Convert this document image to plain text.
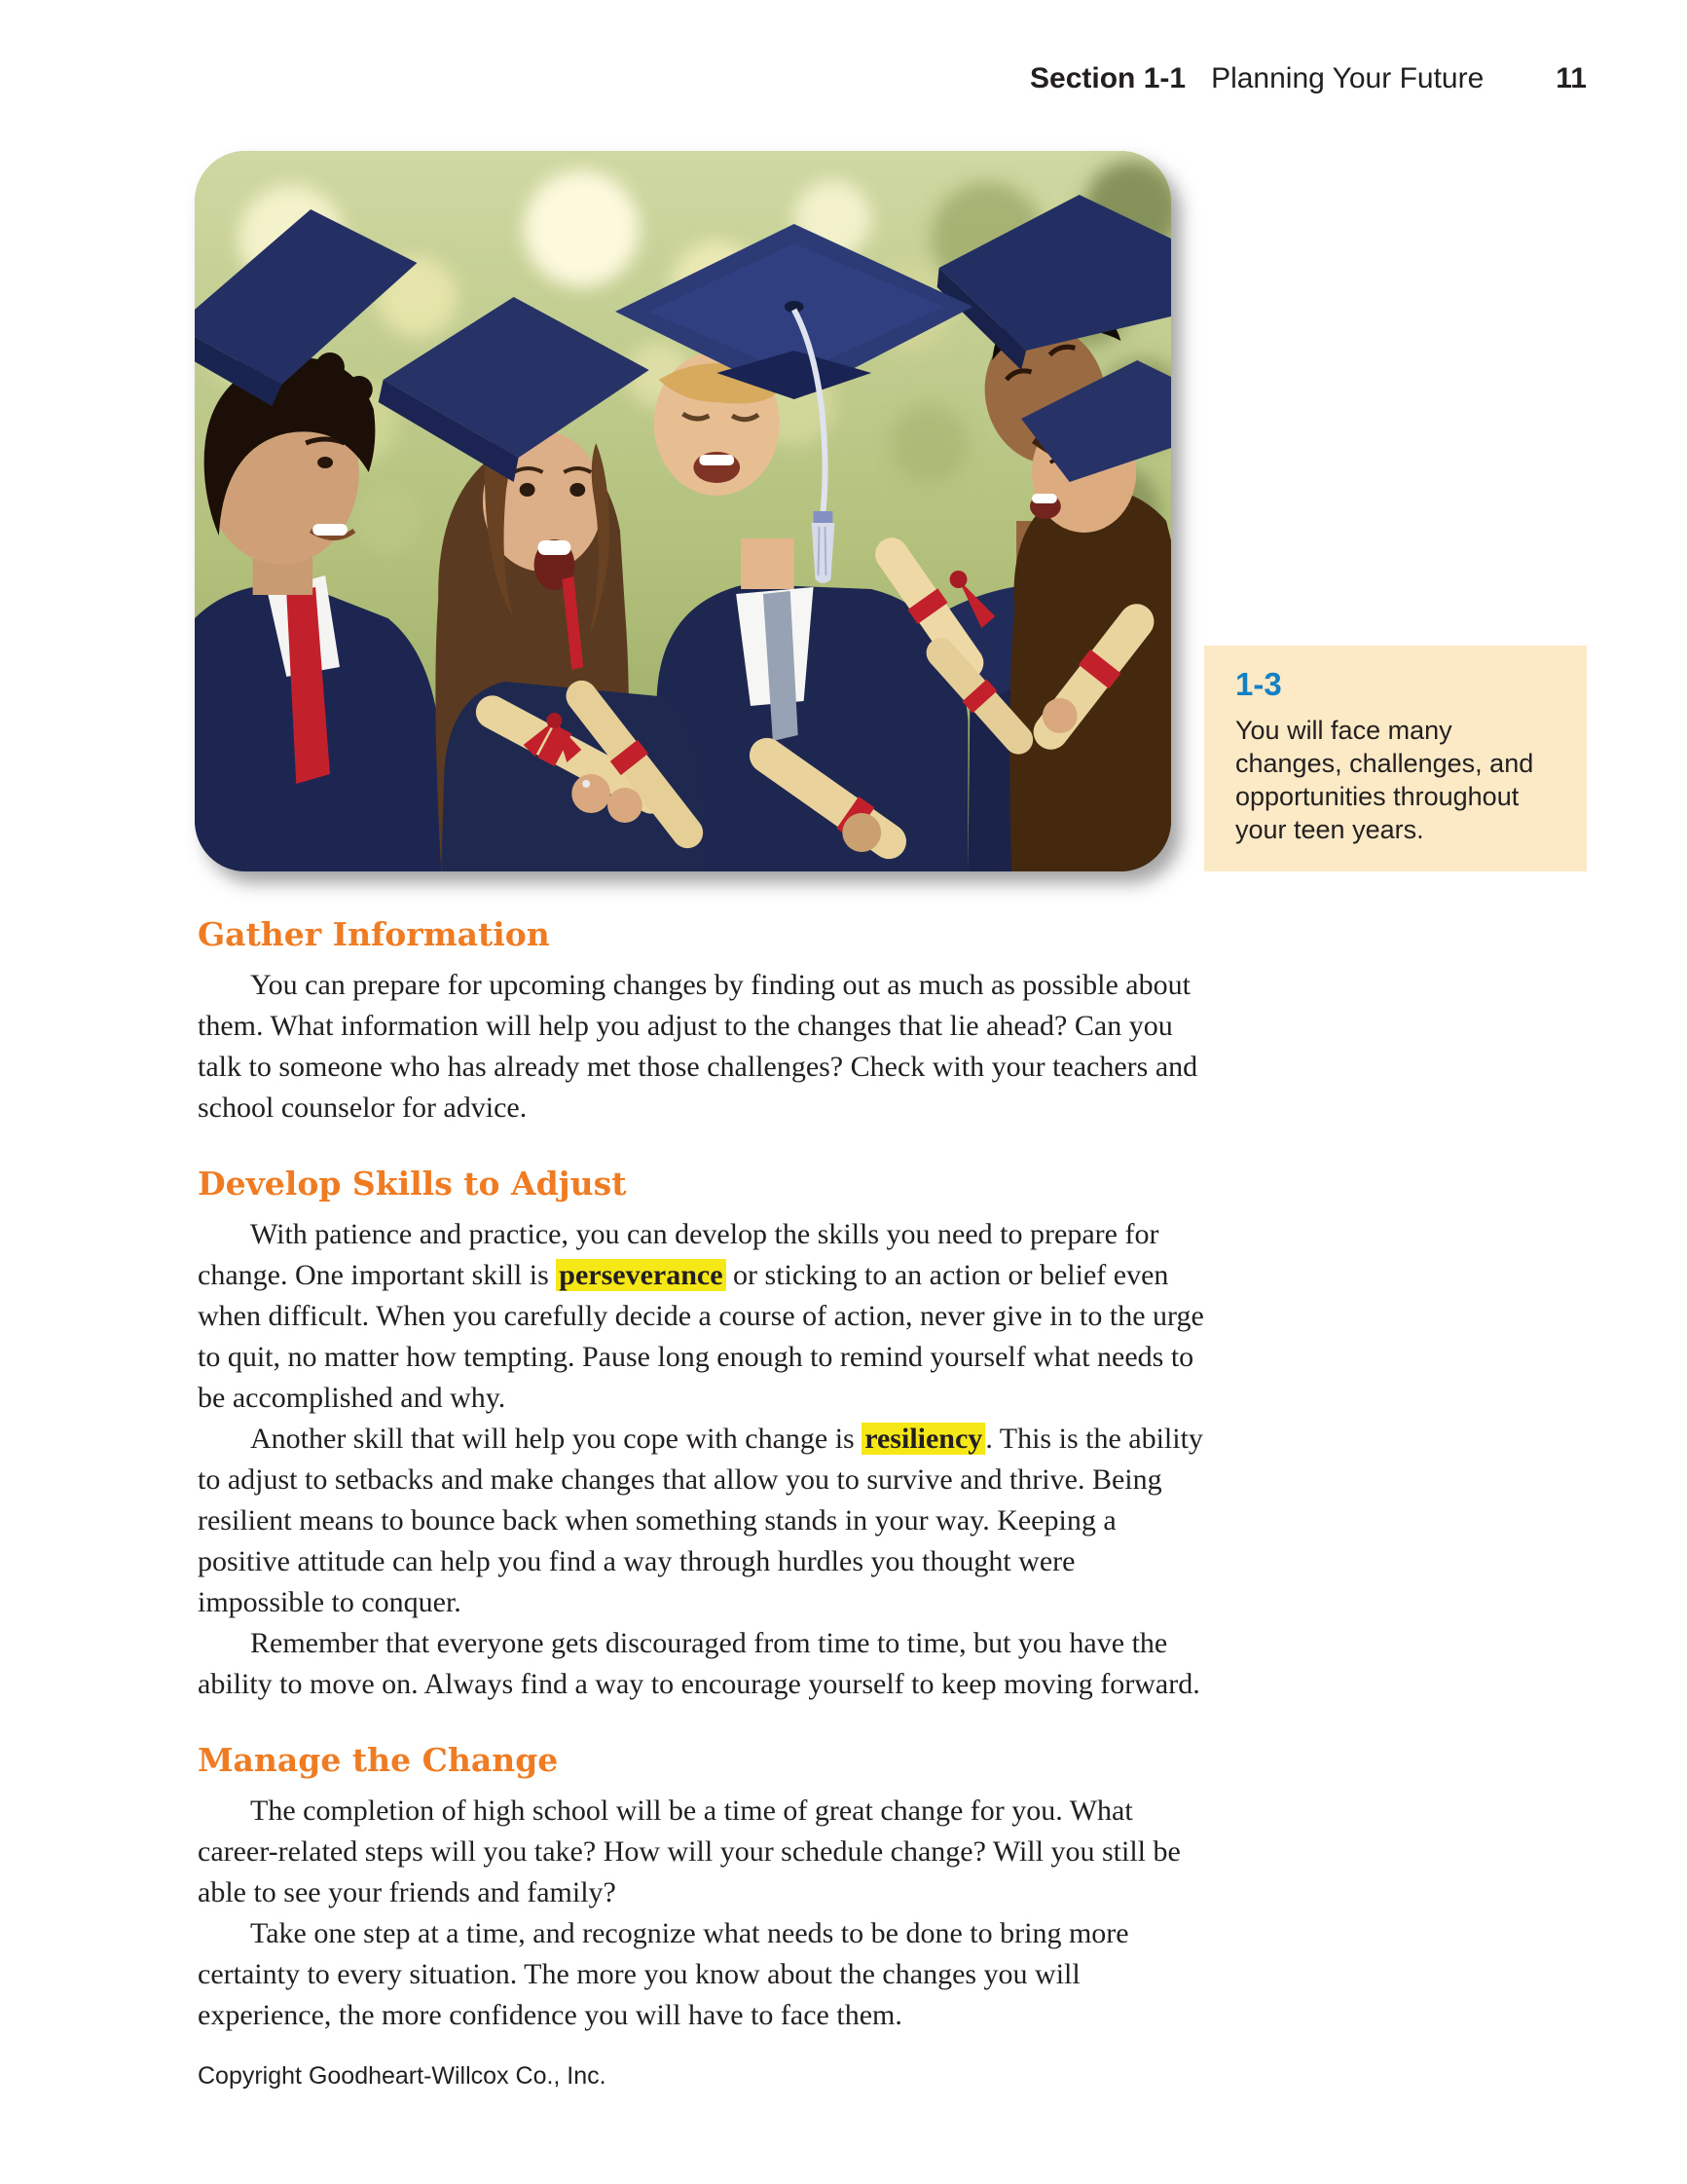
Section 1-1 Planning Your Future 11
1-3
You will face many changes, challenges, and opportunities throughout your teen years.
Gather Information

You can prepare for upcoming changes by finding out as much as possible about them. What information will help you adjust to the changes that lie ahead? Can you talk to someone who has already met those challenges? Check with your teachers and school counselor for advice.

Develop Skills to Adjust

With patience and practice, you can develop the skills you need to prepare for change. One important skill is perseverance or sticking to an action or belief even when difficult. When you carefully decide a course of action, never give in to the urge to quit, no matter how tempting. Pause long enough to remind yourself what needs to be accomplished and why.

Another skill that will help you cope with change is resiliency . This is the ability to adjust to setbacks and make changes that allow you to survive and thrive. Being resilient means to bounce back when something stands in your way. Keeping a positive attitude can help you find a way through hurdles you thought were impossible to conquer.

Remember that everyone gets discouraged from time to time, but you have the ability to move on. Always find a way to encourage yourself to keep moving forward.

Manage the Change

The completion of high school will be a time of great change for you. What career-related steps will you take? How will your schedule change? Will you still be able to see your friends and family?

Take one step at a time, and recognize what needs to be done to bring more certainty to every situation. The more you know about the changes you will experience, the more confidence you will have to face them.

Copyright Goodheart-Willcox Co., Inc.
